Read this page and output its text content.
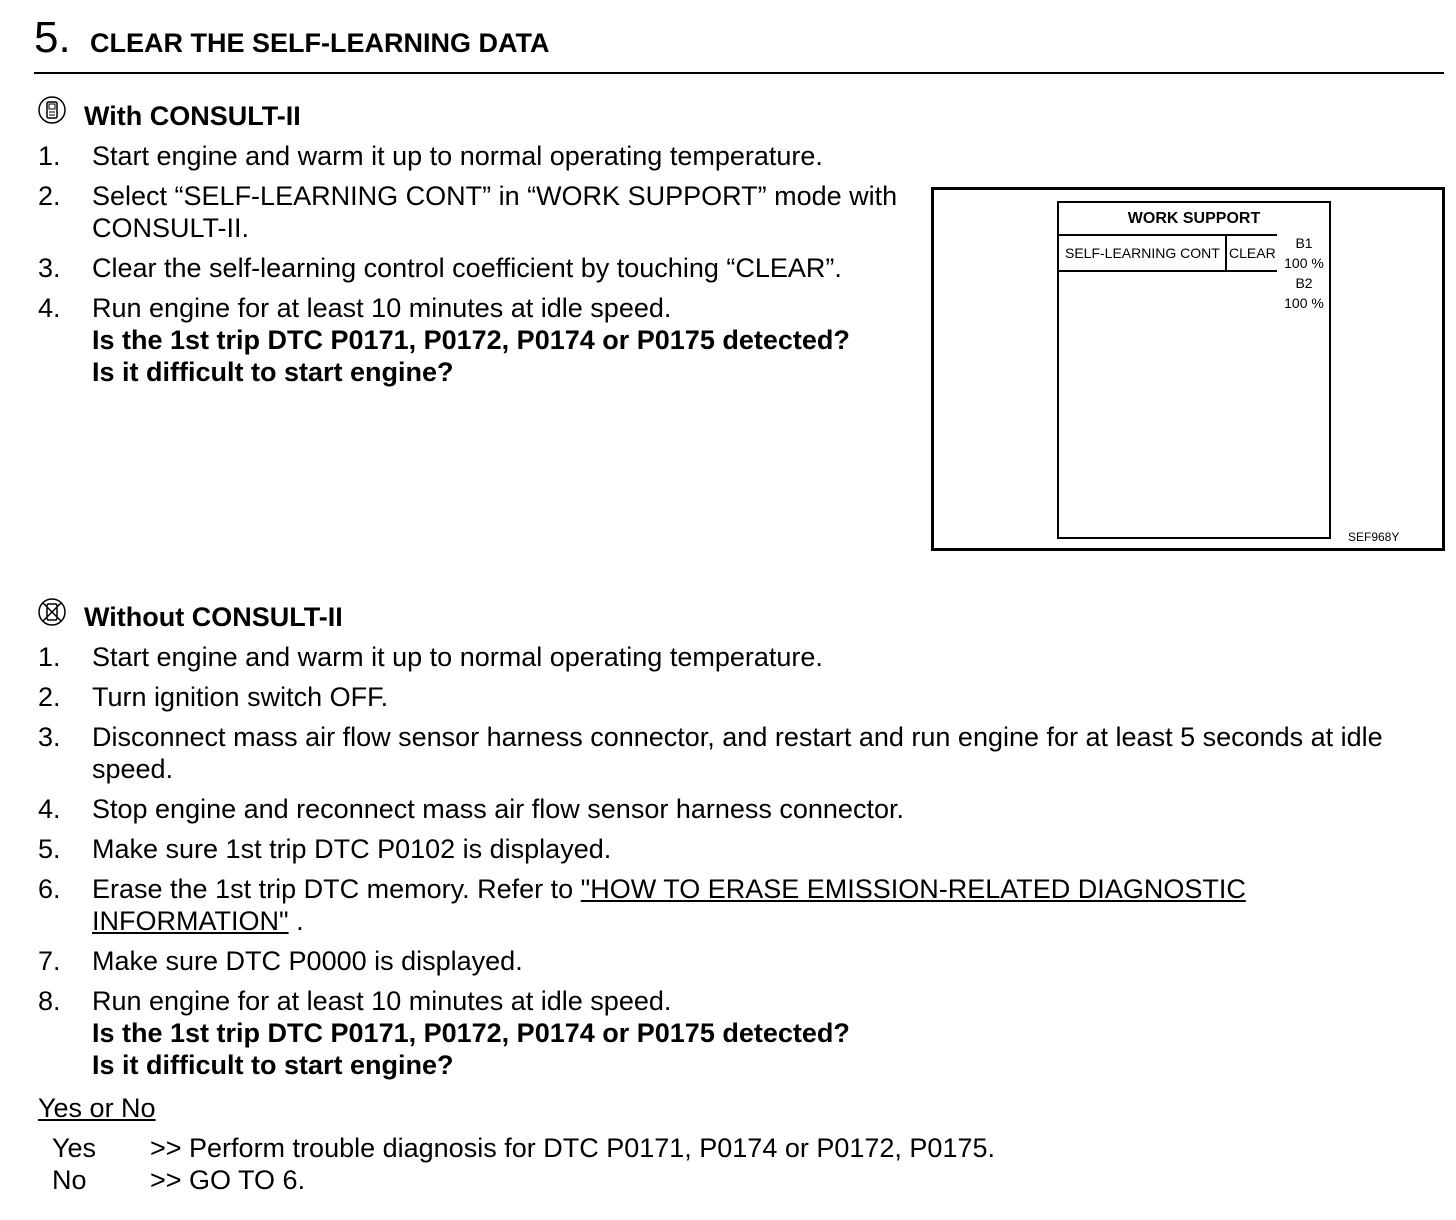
5. CLEAR THE SELF-LEARNING DATA
With CONSULT-II
1. Start engine and warm it up to normal operating temperature.
2. Select “SELF-LEARNING CONT” in “WORK SUPPORT” mode with CONSULT-II.
3. Clear the self-learning control coefficient by touching “CLEAR”.
4. Run engine for at least 10 minutes at idle speed.
Is the 1st trip DTC P0171, P0172, P0174 or P0175 detected?
Is it difficult to start engine?
WORK SUPPORT
SELF-LEARNING CONT CLEAR
B1
100 %
B2
100 %
SEF968Y
Without CONSULT-II
1. Start engine and warm it up to normal operating temperature.
2. Turn ignition switch OFF.
3. Disconnect mass air flow sensor harness connector, and restart and run engine for at least 5 seconds at idle speed.
4. Stop engine and reconnect mass air flow sensor harness connector.
5. Make sure 1st trip DTC P0102 is displayed.
6. Erase the 1st trip DTC memory. Refer to "HOW TO ERASE EMISSION-RELATED DIAGNOSTIC INFORMATION" .
7. Make sure DTC P0000 is displayed.
8. Run engine for at least 10 minutes at idle speed.
Is the 1st trip DTC P0171, P0172, P0174 or P0175 detected?
Is it difficult to start engine?
Yes or No
Yes >> Perform trouble diagnosis for DTC P0171, P0174 or P0172, P0175.
No >> GO TO 6.
